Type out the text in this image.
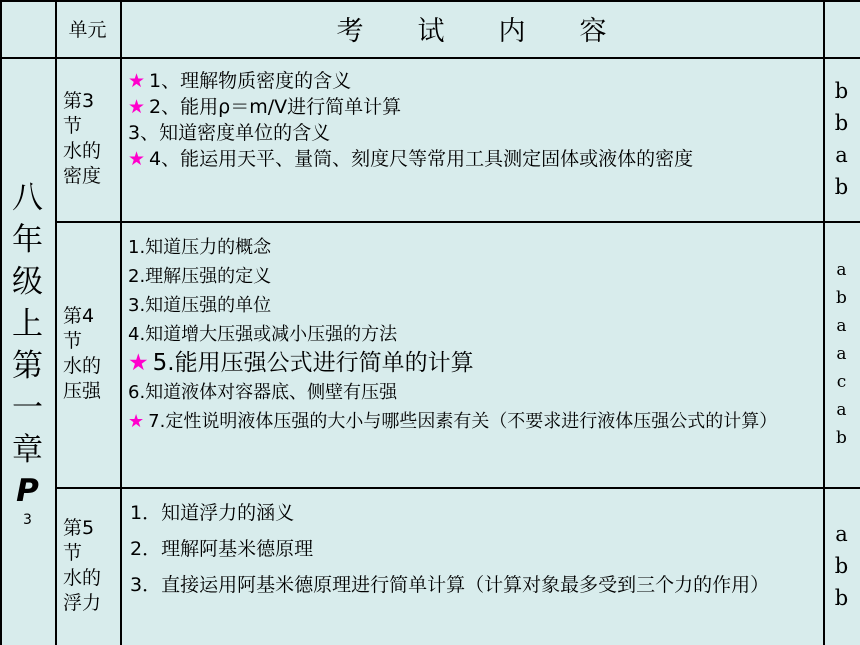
单元	考　　试　　内　　容
八
年
级
上
第
一
章
P
3
第3
节
水的
密度
★ 1、理解物质密度的含义
★ 2、能用ρ＝m/V进行简单计算
3、知道密度单位的含义
★ 4、能运用天平、量筒、刻度尺等常用工具测定固体或液体的密度
b
b
a
b
第4
节
水的
压强
1.知道压力的概念
2.理解压强的定义
3.知道压强的单位
4.知道增大压强或减小压强的方法
★ 5.能用压强公式进行简单的计算
6.知道液体对容器底、侧壁有压强
★ 7.定性说明液体压强的大小与哪些因素有关（不要求进行液体压强公式的计算）
a
b
a
a
c
a
b
第5
节
水的
浮力
1．知道浮力的涵义
2．理解阿基米德原理
3．直接运用阿基米德原理进行简单计算（计算对象最多受到三个力的作用）
a
b
b
